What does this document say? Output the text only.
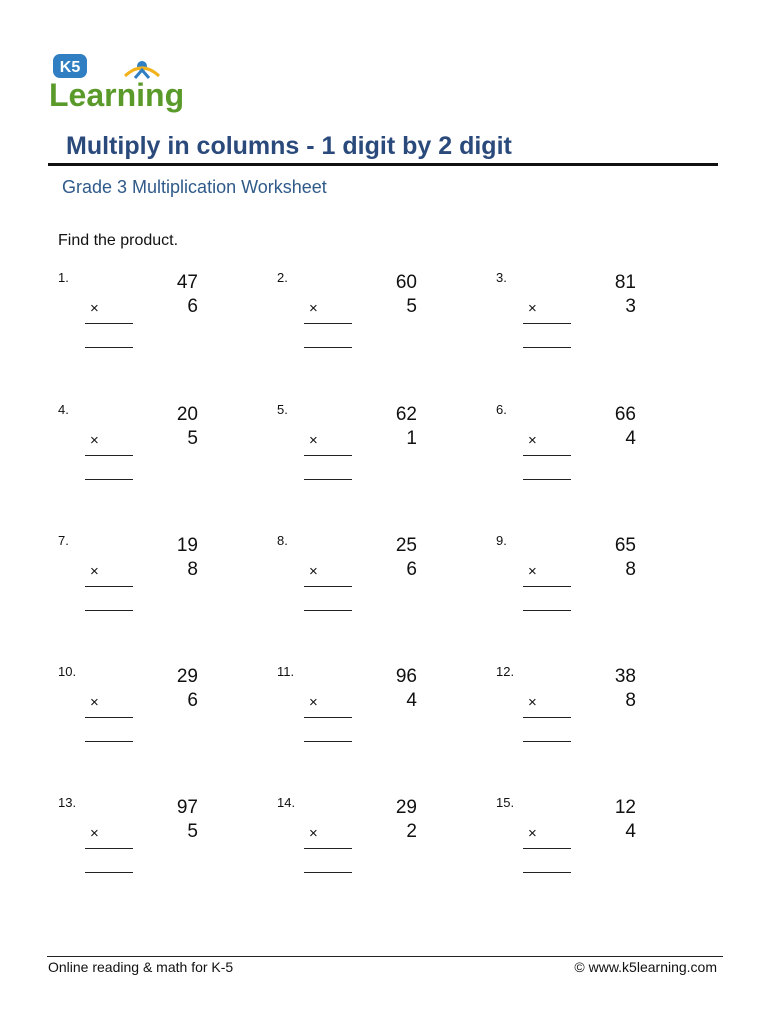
K5
Learning
Multiply in columns - 1 digit by 2 digit
Grade 3 Multiplication Worksheet
Find the product.
1.	47
×	6
2.	60
×	5
3.	81
×	3
4.	20
×	5
5.	62
×	1
6.	66
×	4
7.	19
×	8
8.	25
×	6
9.	65
×	8
10.	29
×	6
11.	96
×	4
12.	38
×	8
13.	97
×	5
14.	29
×	2
15.	12
×	4
Online reading & math for K-5	© www.k5learning.com
